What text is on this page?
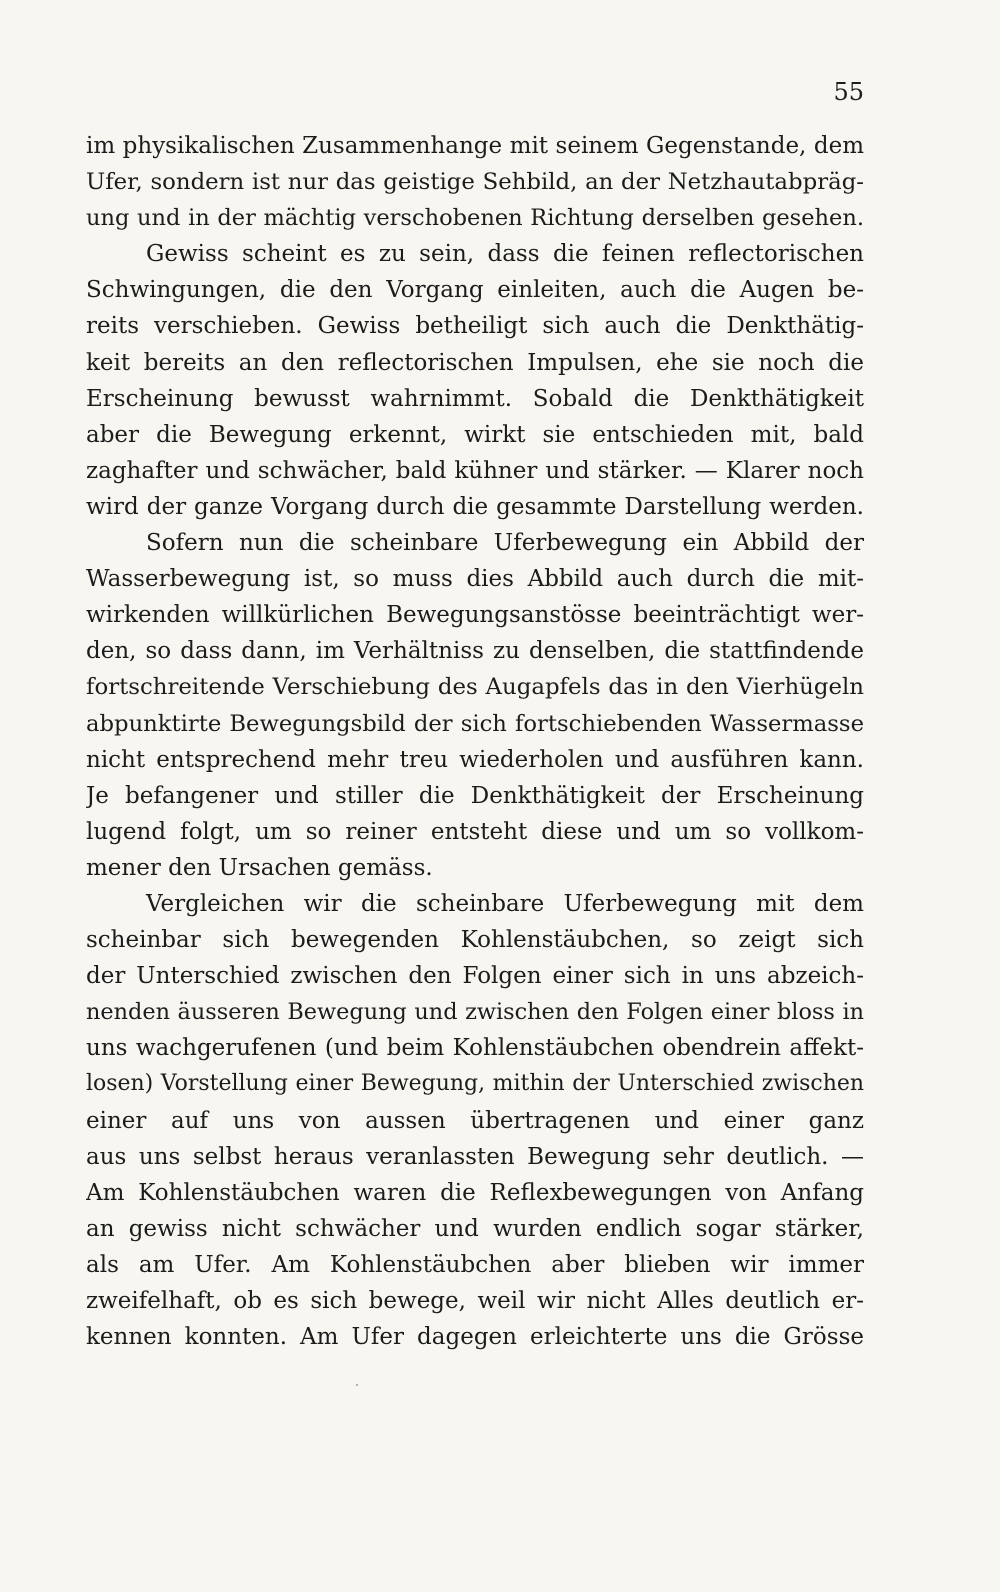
55
im physikalischen Zusammenhange mit seinem Gegenstande, dem
Ufer, sondern ist nur das geistige Sehbild, an der Netzhautabpräg-
ung und in der mächtig verschobenen Richtung derselben gesehen.
Gewiss scheint es zu sein, dass die feinen reflectorischen
Schwingungen, die den Vorgang einleiten, auch die Augen be-
reits verschieben. Gewiss betheiligt sich auch die Denkthätig-
keit bereits an den reflectorischen Impulsen, ehe sie noch die
Erscheinung bewusst wahrnimmt. Sobald die Denkthätigkeit
aber die Bewegung erkennt, wirkt sie entschieden mit, bald
zaghafter und schwächer, bald kühner und stärker. — Klarer noch
wird der ganze Vorgang durch die gesammte Darstellung werden.
Sofern nun die scheinbare Uferbewegung ein Abbild der
Wasserbewegung ist, so muss dies Abbild auch durch die mit-
wirkenden willkürlichen Bewegungsanstösse beeinträchtigt wer-
den, so dass dann, im Verhältniss zu denselben, die stattfindende
fortschreitende Verschiebung des Augapfels das in den Vierhügeln
abpunktirte Bewegungsbild der sich fortschiebenden Wassermasse
nicht entsprechend mehr treu wiederholen und ausführen kann.
Je befangener und stiller die Denkthätigkeit der Erscheinung
lugend folgt, um so reiner entsteht diese und um so vollkom-
mener den Ursachen gemäss.
Vergleichen wir die scheinbare Uferbewegung mit dem
scheinbar sich bewegenden Kohlenstäubchen, so zeigt sich
der Unterschied zwischen den Folgen einer sich in uns abzeich-
nenden äusseren Bewegung und zwischen den Folgen einer bloss in
uns wachgerufenen (und beim Kohlenstäubchen obendrein affekt-
losen) Vorstellung einer Bewegung, mithin der Unterschied zwischen
einer auf uns von aussen übertragenen und einer ganz
aus uns selbst heraus veranlassten Bewegung sehr deutlich. —
Am Kohlenstäubchen waren die Reflexbewegungen von Anfang
an gewiss nicht schwächer und wurden endlich sogar stärker,
als am Ufer. Am Kohlenstäubchen aber blieben wir immer
zweifelhaft, ob es sich bewege, weil wir nicht Alles deutlich er-
kennen konnten. Am Ufer dagegen erleichterte uns die Grösse
